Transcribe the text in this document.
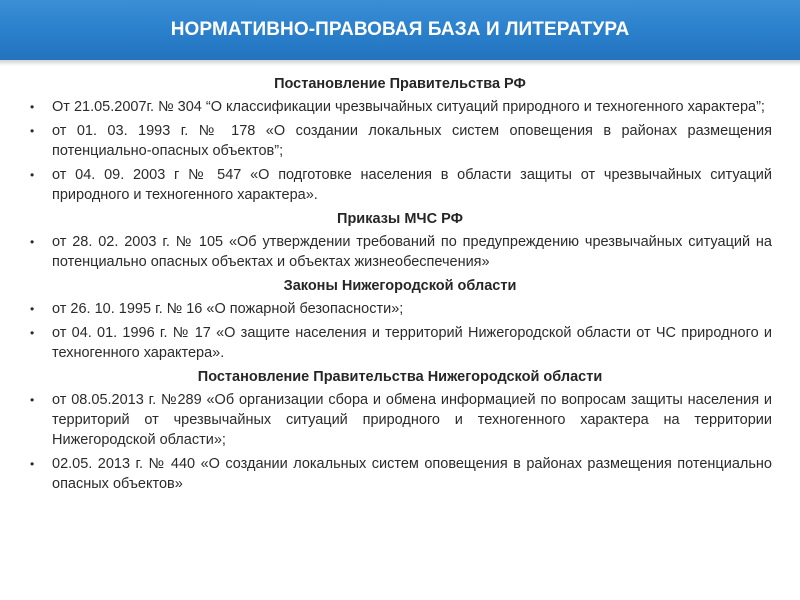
НОРМАТИВНО-ПРАВОВАЯ БАЗА И ЛИТЕРАТУРА
Постановление Правительства РФ
•	От 21.05.2007г. № 304 “О классификации чрезвычайных ситуаций природного и техногенного характера”;
•	от 01. 03. 1993 г. № 178 «О создании локальных систем оповещения в районах размещения потенциально-опасных объектов”;
•	от 04. 09. 2003 г № 547 «О подготовке населения в области защиты от чрезвычайных ситуаций природного и техногенного характера».
Приказы МЧС РФ
•	от 28. 02. 2003 г. № 105 «Об утверждении требований по предупреждению чрезвычайных ситуаций на потенциально опасных объектах и объектах жизнеобеспечения»
Законы Нижегородской области
•	от 26. 10. 1995 г. № 16 «О пожарной безопасности»;
•	от 04. 01. 1996 г. № 17 «О защите населения и территорий Нижегородской области от ЧС природного и техногенного характера».
Постановление Правительства Нижегородской области
•	от 08.05.2013 г. №289 «Об организации сбора и обмена информацией по вопросам защиты населения и территорий от чрезвычайных ситуаций природного и техногенного характера на территории Нижегородской области»;
•	02.05. 2013 г. № 440 «О создании локальных систем оповещения в районах размещения потенциально опасных объектов»
